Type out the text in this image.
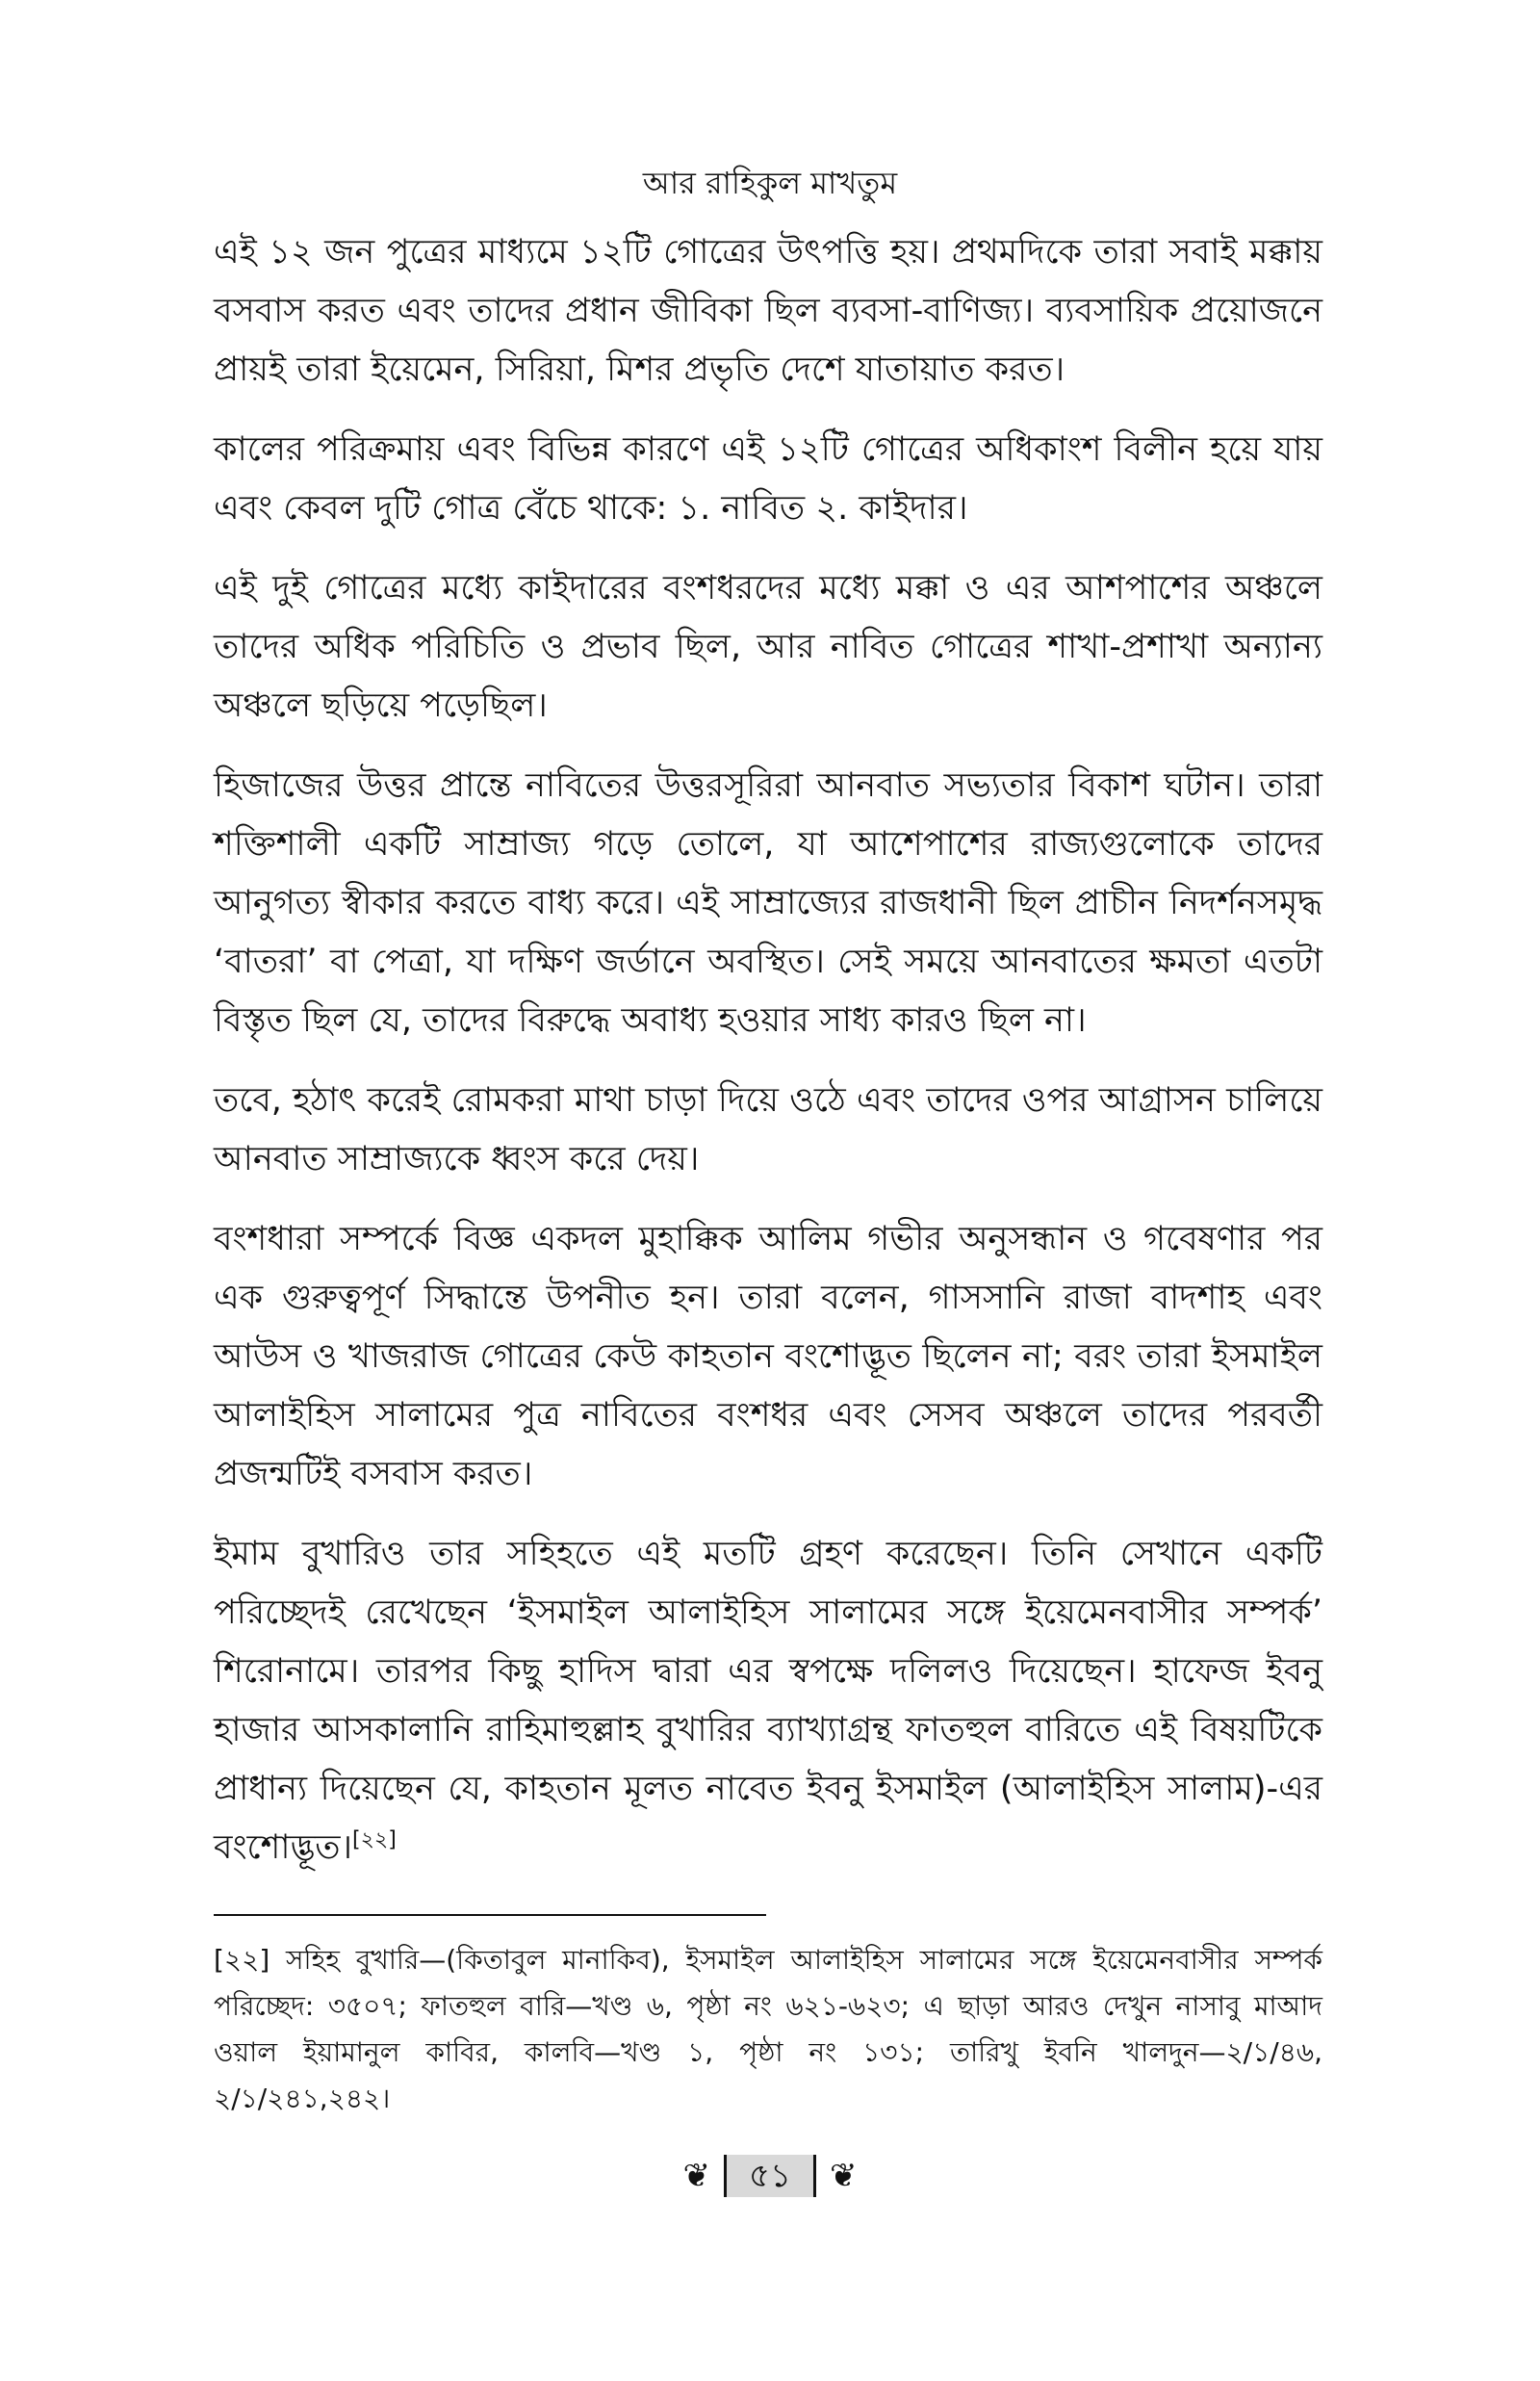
আর রাহিকুল মাখতুম

এই ১২ জন পুত্রের মাধ্যমে ১২টি গোত্রের উৎপত্তি হয়। প্রথমদিকে তারা সবাই মক্কায় বসবাস করত এবং তাদের প্রধান জীবিকা ছিল ব্যবসা-বাণিজ্য। ব্যবসায়িক প্রয়োজনে প্রায়ই তারা ইয়েমেন, সিরিয়া, মিশর প্রভৃতি দেশে যাতায়াত করত।

কালের পরিক্রমায় এবং বিভিন্ন কারণে এই ১২টি গোত্রের অধিকাংশ বিলীন হয়ে যায় এবং কেবল দুটি গোত্র বেঁচে থাকে: ১. নাবিত ২. কাইদার।

এই দুই গোত্রের মধ্যে কাইদারের বংশধরদের মধ্যে মক্কা ও এর আশপাশের অঞ্চলে তাদের অধিক পরিচিতি ও প্রভাব ছিল, আর নাবিত গোত্রের শাখা-প্রশাখা অন্যান্য অঞ্চলে ছড়িয়ে পড়েছিল।

হিজাজের উত্তর প্রান্তে নাবিতের উত্তরসূরিরা আনবাত সভ্যতার বিকাশ ঘটান। তারা শক্তিশালী একটি সাম্রাজ্য গড়ে তোলে, যা আশেপাশের রাজ্যগুলোকে তাদের আনুগত্য স্বীকার করতে বাধ্য করে। এই সাম্রাজ্যের রাজধানী ছিল প্রাচীন নিদর্শনসমৃদ্ধ ‘বাতরা’ বা পেত্রা, যা দক্ষিণ জর্ডানে অবস্থিত। সেই সময়ে আনবাতের ক্ষমতা এতটা বিস্তৃত ছিল যে, তাদের বিরুদ্ধে অবাধ্য হওয়ার সাধ্য কারও ছিল না।

তবে, হঠাৎ করেই রোমকরা মাথা চাড়া দিয়ে ওঠে এবং তাদের ওপর আগ্রাসন চালিয়ে আনবাত সাম্রাজ্যকে ধ্বংস করে দেয়।

বংশধারা সম্পর্কে বিজ্ঞ একদল মুহাক্কিক আলিম গভীর অনুসন্ধান ও গবেষণার পর এক গুরুত্বপূর্ণ সিদ্ধান্তে উপনীত হন। তারা বলেন, গাসসানি রাজা বাদশাহ এবং আউস ও খাজরাজ গোত্রের কেউ কাহতান বংশোদ্ভূত ছিলেন না; বরং তারা ইসমাইল আলাইহিস সালামের পুত্র নাবিতের বংশধর এবং সেসব অঞ্চলে তাদের পরবর্তী প্রজন্মটিই বসবাস করত।

ইমাম বুখারিও তার সহিহতে এই মতটি গ্রহণ করেছেন। তিনি সেখানে একটি পরিচ্ছেদই রেখেছেন ‘ইসমাইল আলাইহিস সালামের সঙ্গে ইয়েমেনবাসীর সম্পর্ক’ শিরোনামে। তারপর কিছু হাদিস দ্বারা এর স্বপক্ষে দলিলও দিয়েছেন। হাফেজ ইবনু হাজার আসকালানি রাহিমাহুল্লাহ বুখারির ব্যাখ্যাগ্রন্থ ফাতহুল বারিতে এই বিষয়টিকে প্রাধান্য দিয়েছেন যে, কাহতান মূলত নাবেত ইবনু ইসমাইল (আলাইহিস সালাম)-এর বংশোদ্ভূত।[২২]

[২২] সহিহ বুখারি—(কিতাবুল মানাকিব), ইসমাইল আলাইহিস সালামের সঙ্গে ইয়েমেনবাসীর সম্পর্ক পরিচ্ছেদ: ৩৫০৭; ফাতহুল বারি—খণ্ড ৬, পৃষ্ঠা নং ৬২১-৬২৩; এ ছাড়া আরও দেখুন নাসাবু মাআদ ওয়াল ইয়ামানুল কাবির, কালবি—খণ্ড ১, পৃষ্ঠা নং ১৩১; তারিখু ইবনি খালদুন—২/১/৪৬, ২/১/২৪১,২৪২।

❦	৫১	❦
